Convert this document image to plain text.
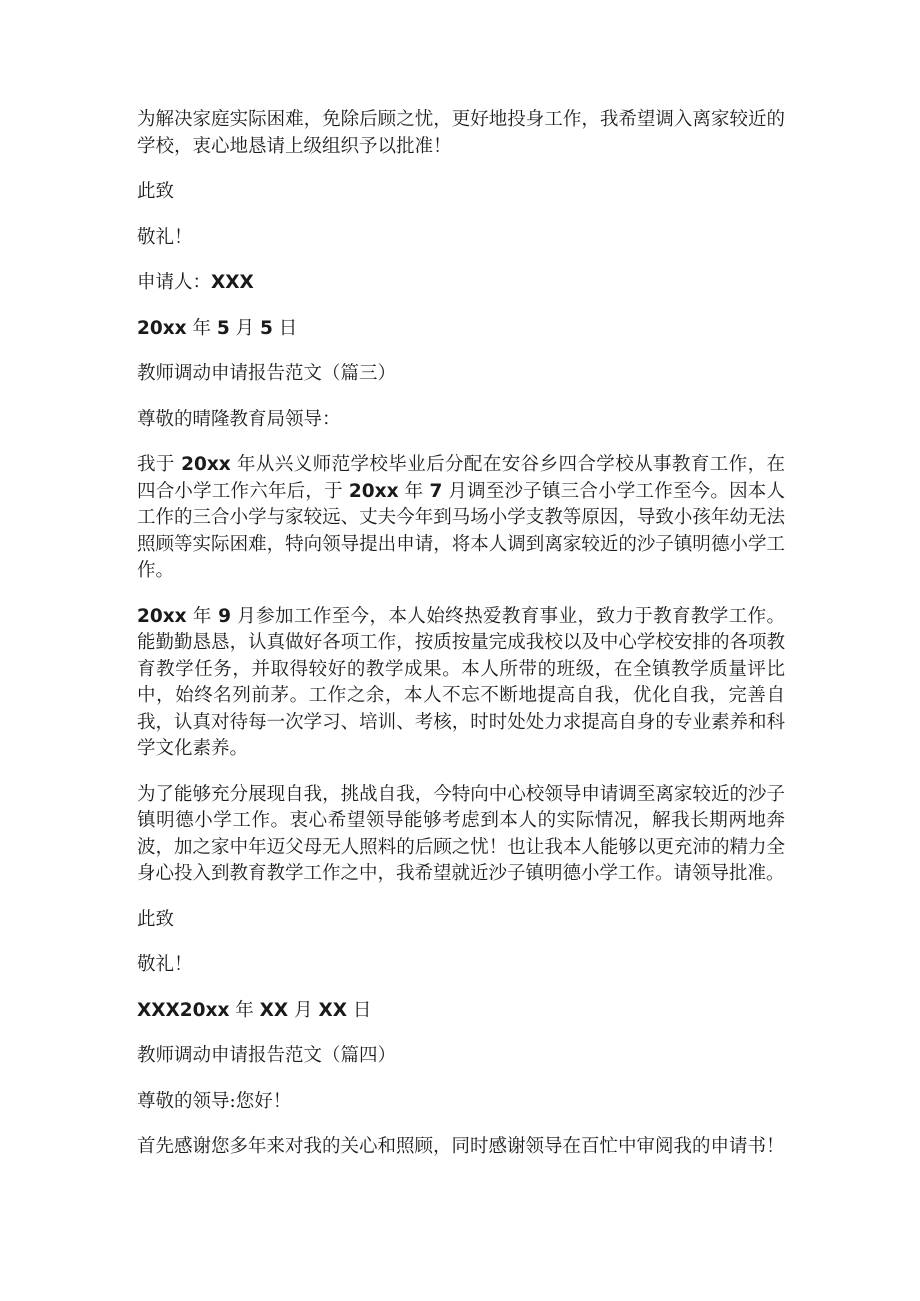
为解决家庭实际困难，免除后顾之忧，更好地投身工作，我希望调入离家较近的学校，衷心地恳请上级组织予以批准！

此致

敬礼！

申请人：XXX

20xx 年 5 月 5 日

教师调动申请报告范文（篇三）

尊敬的晴隆教育局领导：

我于 20xx 年从兴义师范学校毕业后分配在安谷乡四合学校从事教育工作，在四合小学工作六年后，于 20xx 年 7 月调至沙子镇三合小学工作至今。因本人工作的三合小学与家较远、丈夫今年到马场小学支教等原因，导致小孩年幼无法照顾等实际困难，特向领导提出申请，将本人调到离家较近的沙子镇明德小学工作。

20xx 年 9 月参加工作至今，本人始终热爱教育事业，致力于教育教学工作。能勤勤恳恳，认真做好各项工作，按质按量完成我校以及中心学校安排的各项教育教学任务，并取得较好的教学成果。本人所带的班级，在全镇教学质量评比中，始终名列前茅。工作之余，本人不忘不断地提高自我，优化自我，完善自我，认真对待每一次学习、培训、考核，时时处处力求提高自身的专业素养和科学文化素养。

为了能够充分展现自我，挑战自我，今特向中心校领导申请调至离家较近的沙子镇明德小学工作。衷心希望领导能够考虑到本人的实际情况，解我长期两地奔波，加之家中年迈父母无人照料的后顾之忧！也让我本人能够以更充沛的精力全身心投入到教育教学工作之中，我希望就近沙子镇明德小学工作。请领导批准。

此致

敬礼！

XXX20xx 年 XX 月 XX 日

教师调动申请报告范文（篇四）

尊敬的领导:您好！

首先感谢您多年来对我的关心和照顾，同时感谢领导在百忙中审阅我的申请书！
